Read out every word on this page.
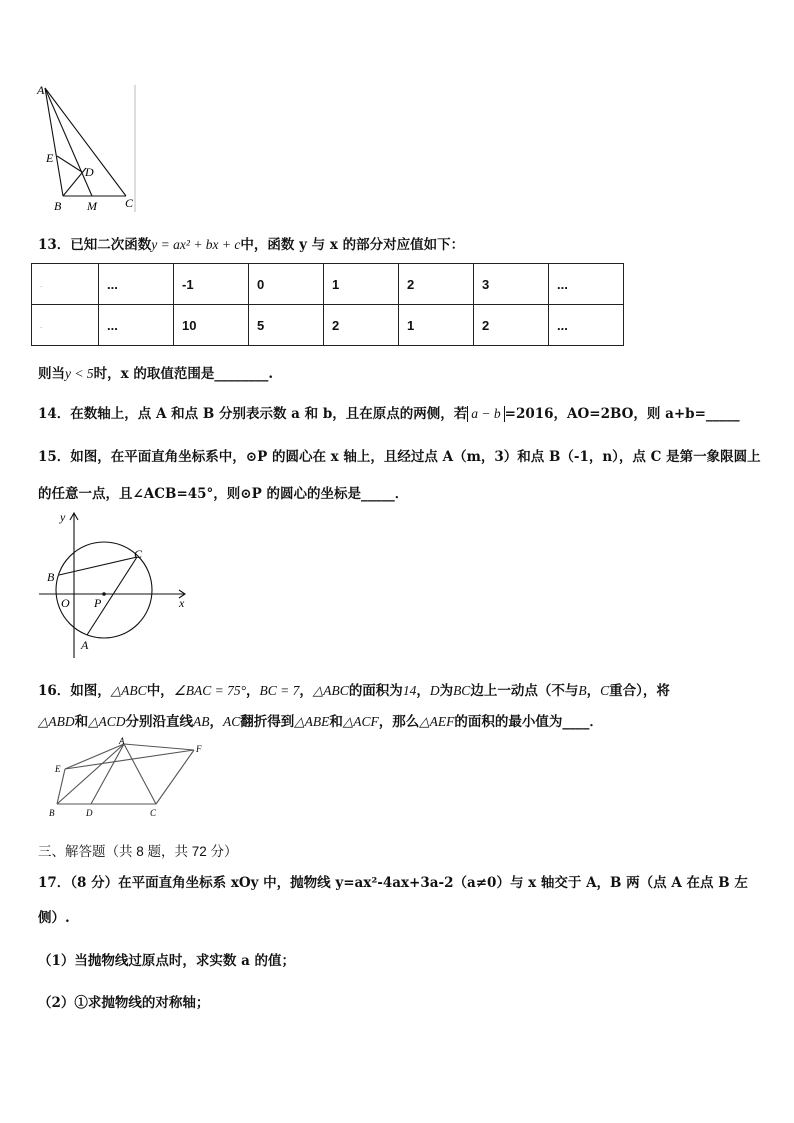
A
E
D
B M C
13．已知二次函数y = ax² + bx + c中，函数 y 与 x 的部分对应值如下：
.	...	-1	0	1	2	3	...
.	...	10	5	2	1	2	...
则当y < 5时，x 的取值范围是________.
14．在数轴上，点 A 和点 B 分别表示数 a 和 b，且在原点的两侧，若 a − b =2016，AO=2BO，则 a+b=_____
15．如图，在平面直角坐标系中，⊙P 的圆心在 x 轴上，且经过点 A（m，3）和点 B（-1，n），点 C 是第一象限圆上
的任意一点，且∠ACB=45°，则⊙P 的圆心的坐标是_____．
y
x
B
C
O P
A
16．如图，△ABC中，∠BAC = 75°，BC = 7，△ABC的面积为14，D为BC边上一动点（不与B，C重合），将
△ABD和△ACD分别沿直线AB，AC翻折得到△ABE和△ACF，那么△AEF的面积的最小值为____．
A
F
E
B	D	C
三、解答题（共 8 题，共 72 分）
17．（8 分）在平面直角坐标系 xOy 中，抛物线 y=ax²-4ax+3a-2（a≠0）与 x 轴交于 A，B 两（点 A 在点 B 左
侧）.
（1）当抛物线过原点时，求实数 a 的值；
（2）①求抛物线的对称轴；
